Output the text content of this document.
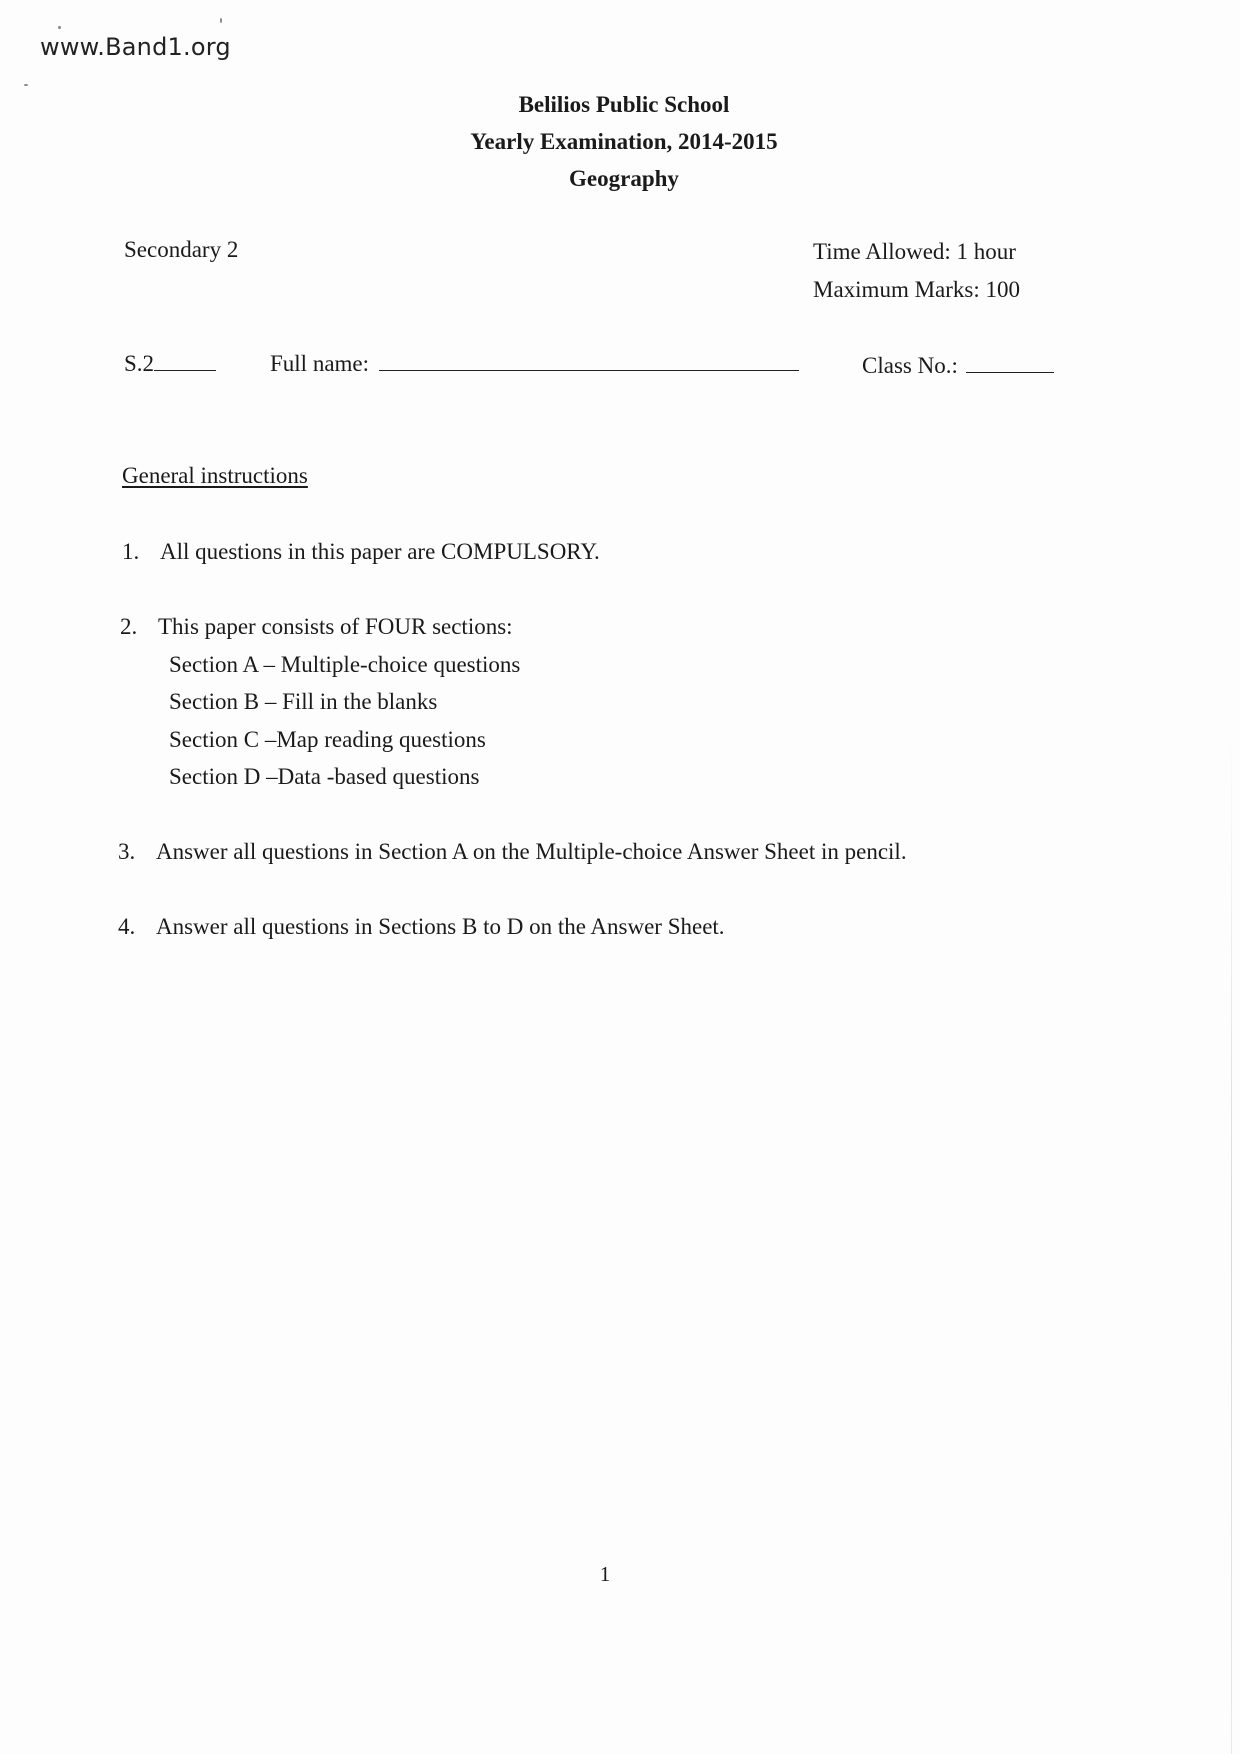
www.Band1.org
Belilios Public School
Yearly Examination, 2014-2015
Geography
Secondary 2	Time Allowed: 1 hour
Maximum Marks: 100
S.2	Full name:	Class No.:
General instructions
1. All questions in this paper are COMPULSORY.
2. This paper consists of FOUR sections:
Section A – Multiple-choice questions
Section B – Fill in the blanks
Section C –Map reading questions
Section D –Data -based questions
3. Answer all questions in Section A on the Multiple-choice Answer Sheet in pencil.
4. Answer all questions in Sections B to D on the Answer Sheet.
1
